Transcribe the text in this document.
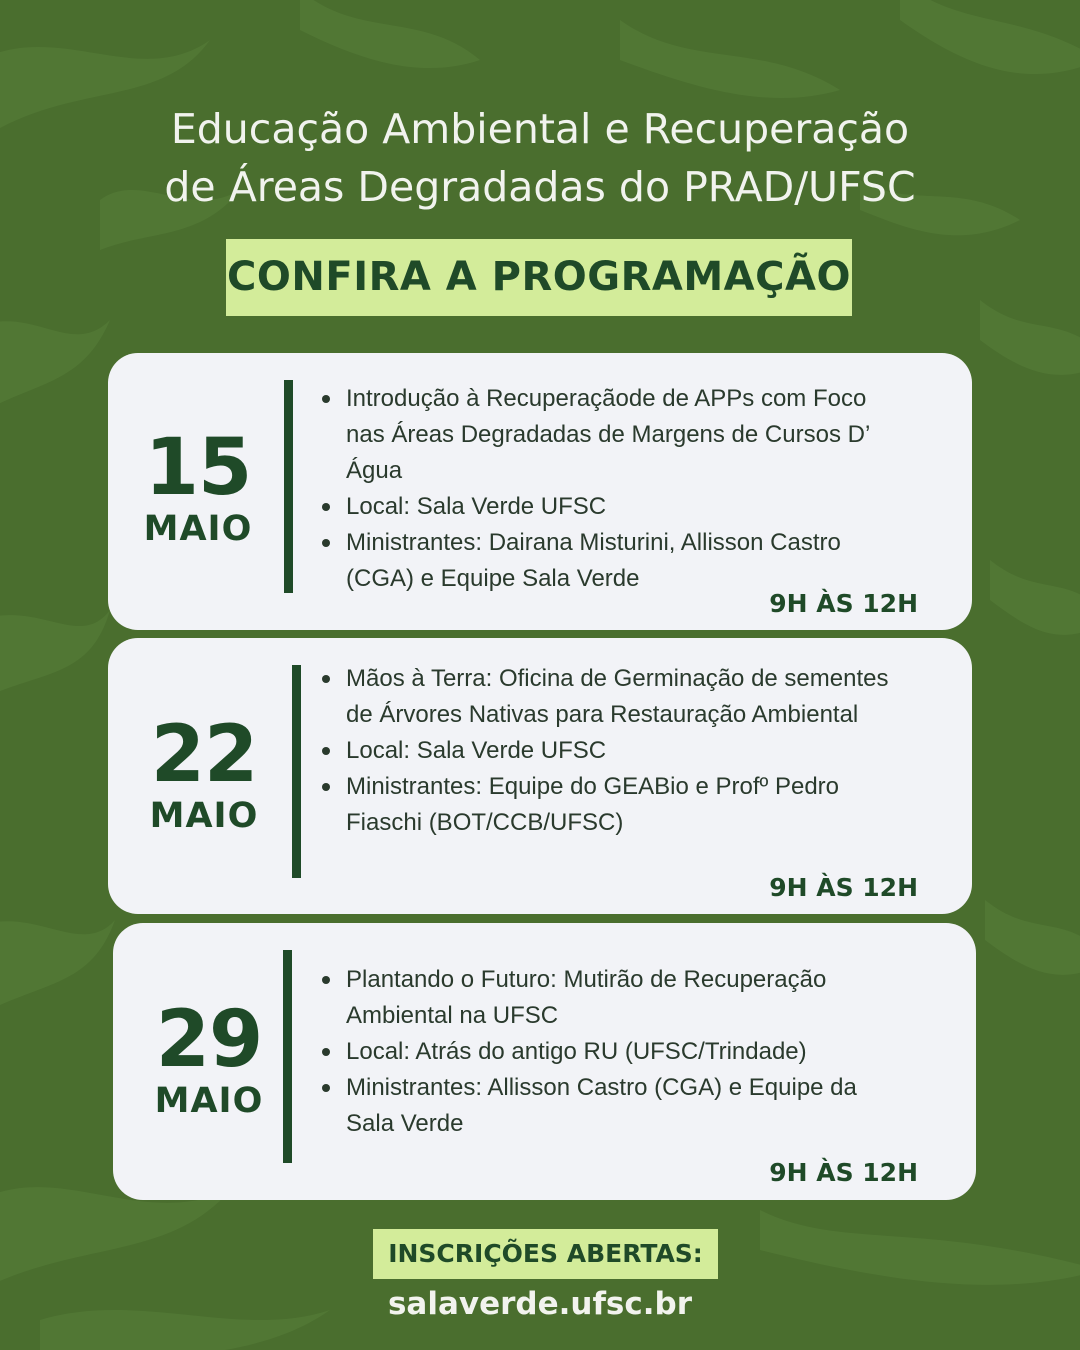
Educação Ambiental e Recuperação
de Áreas Degradadas do PRAD/UFSC
CONFIRA A PROGRAMAÇÃO
15
MAIO
Introdução à Recuperaçãode de APPs com Foco nas Áreas Degradadas de Margens de Cursos D’ Água
Local: Sala Verde UFSC
Ministrantes: Dairana Misturini, Allisson Castro (CGA) e Equipe Sala Verde
9H ÀS 12H
22
MAIO
Mãos à Terra: Oficina de Germinação de sementes de Árvores Nativas para Restauração Ambiental
Local: Sala Verde UFSC
Ministrantes: Equipe do GEABio e Profº Pedro Fiaschi (BOT/CCB/UFSC)
9H ÀS 12H
29
MAIO
Plantando o Futuro: Mutirão de Recuperação Ambiental na UFSC
Local: Atrás do antigo RU (UFSC/Trindade)
Ministrantes: Allisson Castro (CGA) e Equipe da Sala Verde
9H ÀS 12H
INSCRIÇÕES ABERTAS:
salaverde.ufsc.br
